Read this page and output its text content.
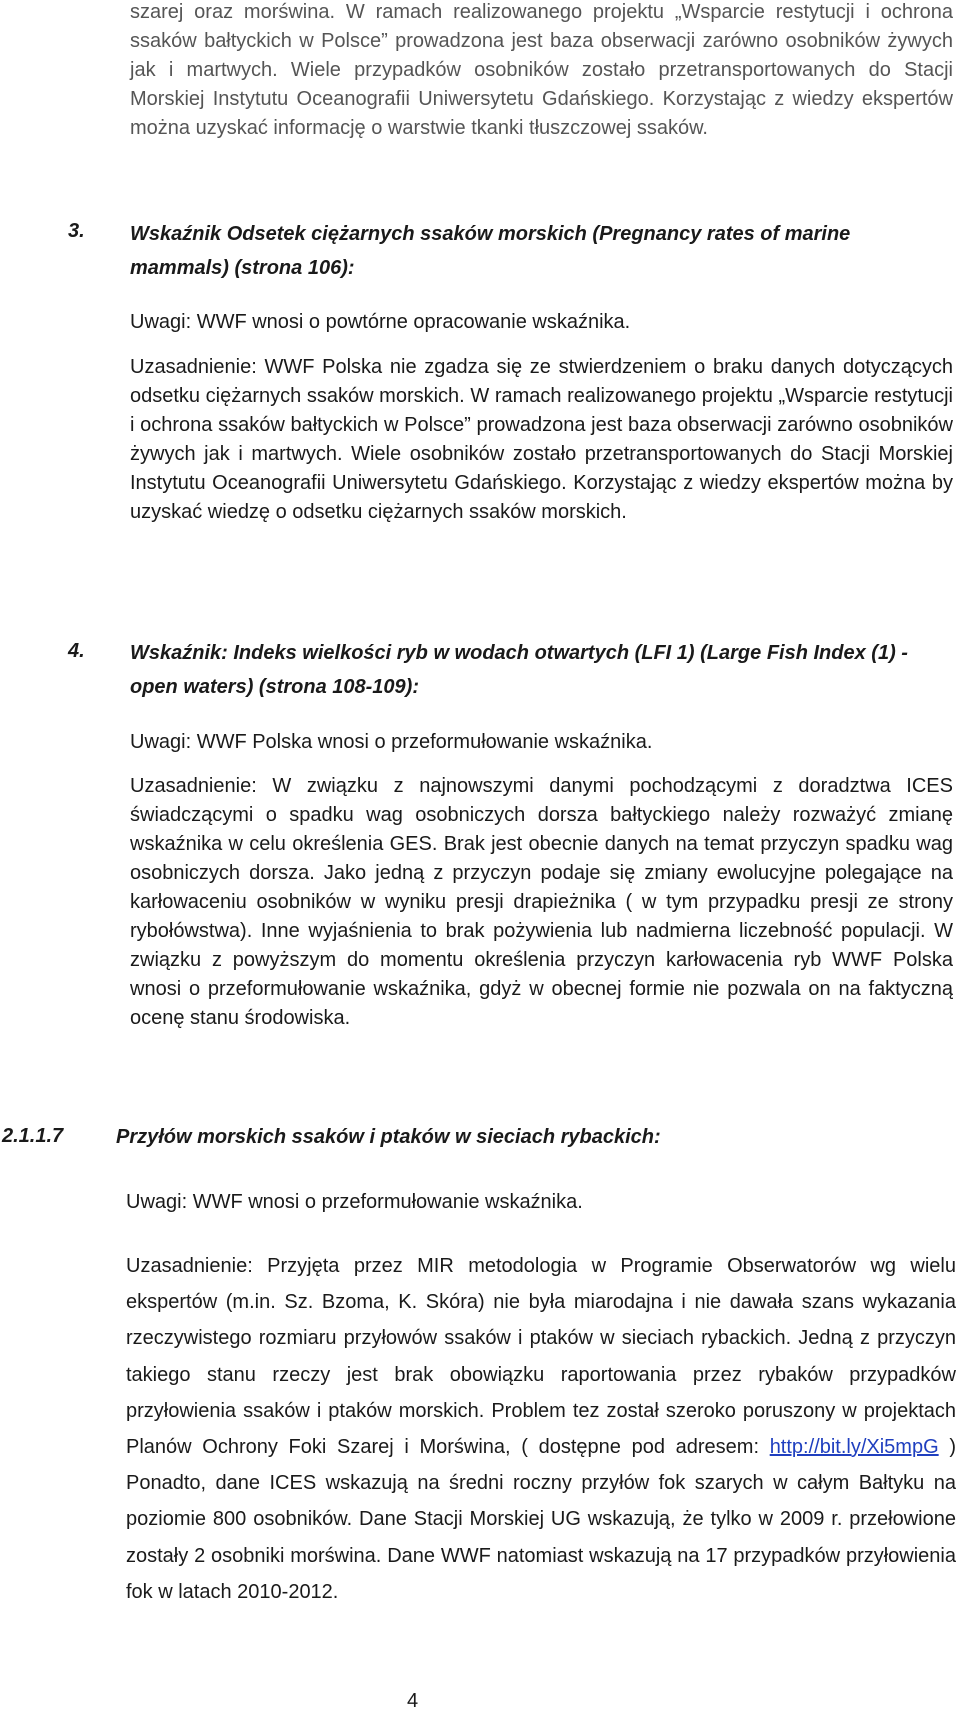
szarej oraz morświna. W ramach realizowanego projektu „Wsparcie restytucji i ochrona ssaków bałtyckich w Polsce” prowadzona jest baza obserwacji zarówno osobników żywych jak i martwych. Wiele przypadków osobników zostało przetransportowanych do Stacji Morskiej Instytutu Oceanografii Uniwersytetu Gdańskiego. Korzystając z wiedzy ekspertów można uzyskać informację o warstwie tkanki tłuszczowej ssaków.

3. Wskaźnik Odsetek ciężarnych ssaków morskich (Pregnancy rates of marine mammals) (strona 106):

Uwagi: WWF wnosi o powtórne opracowanie wskaźnika.

Uzasadnienie: WWF Polska nie zgadza się ze stwierdzeniem o braku danych dotyczących odsetku ciężarnych ssaków morskich. W ramach realizowanego projektu „Wsparcie restytucji i ochrona ssaków bałtyckich w Polsce” prowadzona jest baza obserwacji zarówno osobników żywych jak i martwych. Wiele osobników zostało przetransportowanych do Stacji Morskiej Instytutu Oceanografii Uniwersytetu Gdańskiego. Korzystając z wiedzy ekspertów można by uzyskać wiedzę o odsetku ciężarnych ssaków morskich.

4. Wskaźnik: Indeks wielkości ryb w wodach otwartych (LFI 1) (Large Fish Index (1) - open waters) (strona 108-109):

Uwagi: WWF Polska wnosi o przeformułowanie wskaźnika.

Uzasadnienie: W związku z najnowszymi danymi pochodzącymi z doradztwa ICES świadczącymi o spadku wag osobniczych dorsza bałtyckiego należy rozważyć zmianę wskaźnika w celu określenia GES. Brak jest obecnie danych na temat przyczyn spadku wag osobniczych dorsza. Jako jedną z przyczyn podaje się zmiany ewolucyjne polegające na karłowaceniu osobników w wyniku presji drapieżnika ( w tym przypadku presji ze strony rybołówstwa). Inne wyjaśnienia to brak pożywienia lub nadmierna liczebność populacji. W związku z powyższym do momentu określenia przyczyn karłowacenia ryb WWF Polska wnosi o przeformułowanie wskaźnika, gdyż w obecnej formie nie pozwala on na faktyczną ocenę stanu środowiska.

2.1.1.7	Przyłów morskich ssaków i ptaków w sieciach rybackich:

Uwagi: WWF wnosi o przeformułowanie wskaźnika.

Uzasadnienie: Przyjęta przez MIR metodologia w Programie Obserwatorów wg wielu ekspertów (m.in. Sz. Bzoma, K. Skóra) nie była miarodajna i nie dawała szans wykazania rzeczywistego rozmiaru przyłowów ssaków i ptaków w sieciach rybackich. Jedną z przyczyn takiego stanu rzeczy jest brak obowiązku raportowania przez rybaków przypadków przyłowienia ssaków i ptaków morskich. Problem tez został szeroko poruszony w projektach Planów Ochrony Foki Szarej i Morświna, ( dostępne pod adresem: http://bit.ly/Xi5mpG ) Ponadto, dane ICES wskazują na średni roczny przyłów fok szarych w całym Bałtyku na poziomie 800 osobników. Dane Stacji Morskiej UG wskazują, że tylko w 2009 r. przełowione zostały 2 osobniki morświna. Dane WWF natomiast wskazują na 17 przypadków przyłowienia fok w latach 2010-2012.

4
